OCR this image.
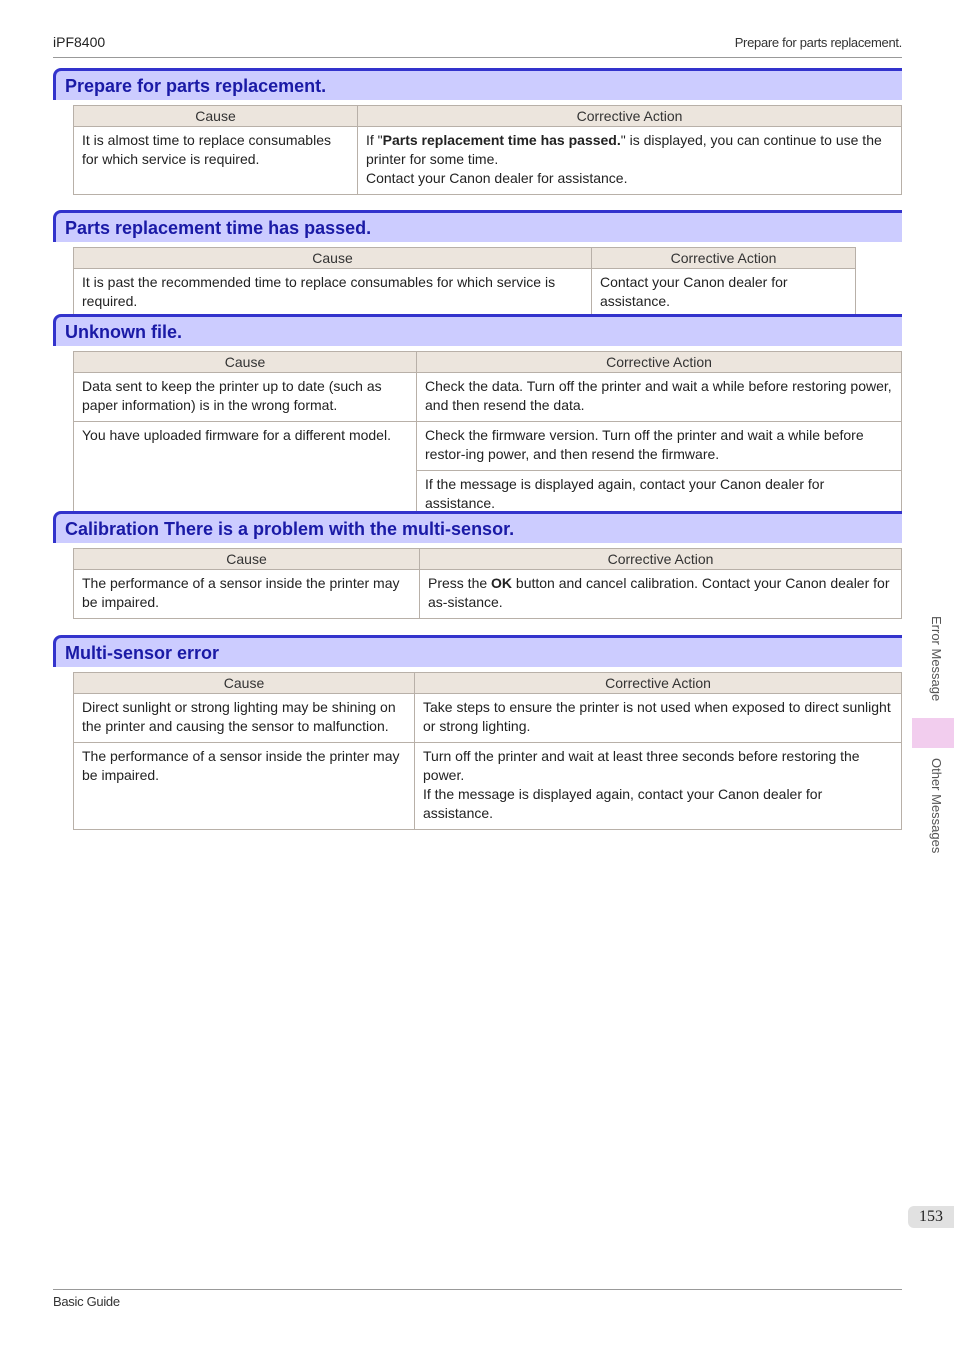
iPF8400	Prepare for parts replacement.
Prepare for parts replacement.
Cause	Corrective Action
It is almost time to replace consumables for which service is required.	If "Parts replacement time has passed." is displayed, you can continue to use the printer for some time.
Contact your Canon dealer for assistance.
Parts replacement time has passed.
Cause	Corrective Action
It is past the recommended time to replace consumables for which service is required.	Contact your Canon dealer for assistance.
Unknown file.
Cause	Corrective Action
Data sent to keep the printer up to date (such as paper information) is in the wrong format.	Check the data. Turn off the printer and wait a while before restoring power, and then resend the data.
You have uploaded firmware for a different model.	Check the firmware version. Turn off the printer and wait a while before restor-ing power, and then resend the firmware.
	If the message is displayed again, contact your Canon dealer for assistance.
Calibration There is a problem with the multi-sensor.
Cause	Corrective Action
The performance of a sensor inside the printer may be impaired.	Press the OK button and cancel calibration. Contact your Canon dealer for as-sistance.
Multi-sensor error
Cause	Corrective Action
Direct sunlight or strong lighting may be shining on the printer and causing the sensor to malfunction.	Take steps to ensure the printer is not used when exposed to direct sunlight or strong lighting.
The performance of a sensor inside the printer may be impaired.	Turn off the printer and wait at least three seconds before restoring the power.
If the message is displayed again, contact your Canon dealer for assistance.
Error Message
Other Messages
153
Basic Guide
